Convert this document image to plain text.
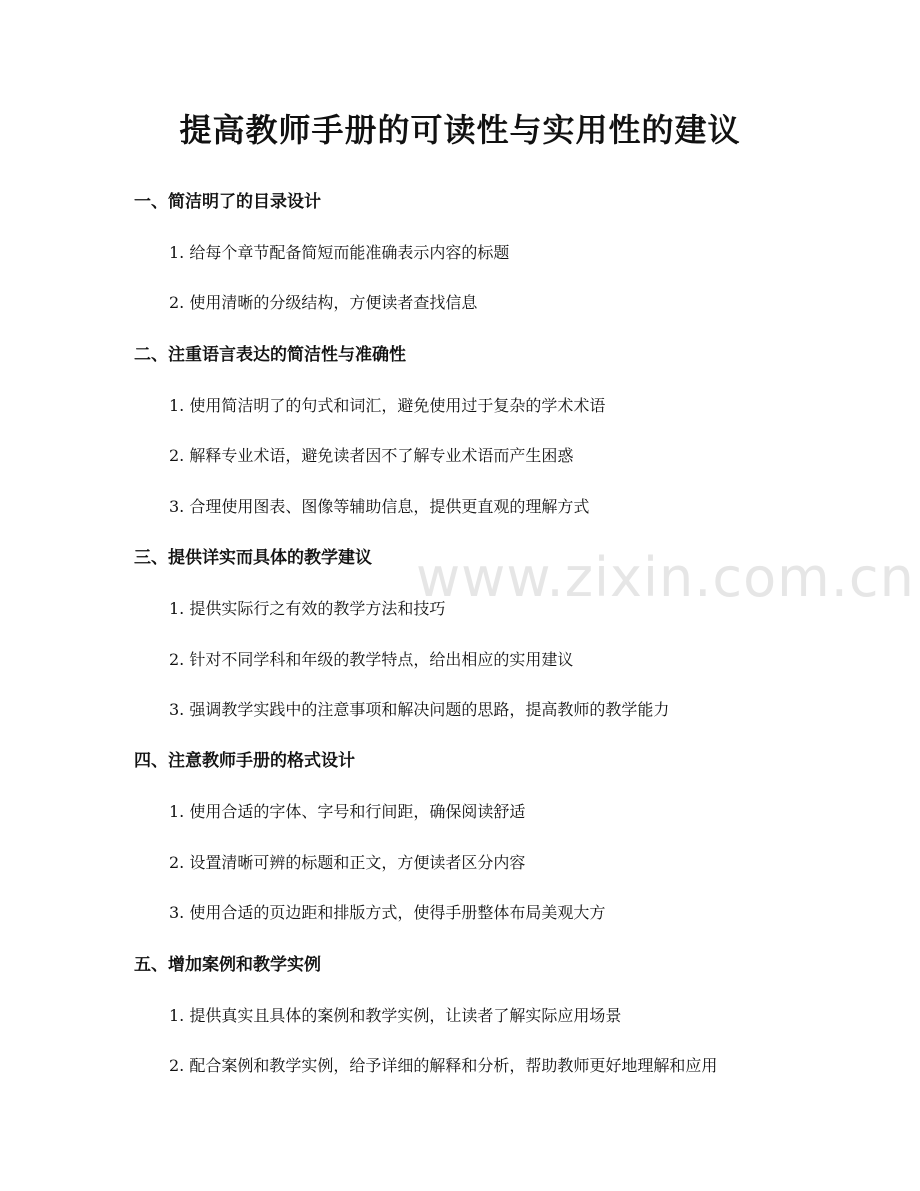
提高教师手册的可读性与实用性的建议
一、简洁明了的目录设计
1. 给每个章节配备简短而能准确表示内容的标题
2. 使用清晰的分级结构，方便读者查找信息
二、注重语言表达的简洁性与准确性
1. 使用简洁明了的句式和词汇，避免使用过于复杂的学术术语
2. 解释专业术语，避免读者因不了解专业术语而产生困惑
3. 合理使用图表、图像等辅助信息，提供更直观的理解方式
三、提供详实而具体的教学建议
1. 提供实际行之有效的教学方法和技巧
2. 针对不同学科和年级的教学特点，给出相应的实用建议
3. 强调教学实践中的注意事项和解决问题的思路，提高教师的教学能力
四、注意教师手册的格式设计
1. 使用合适的字体、字号和行间距，确保阅读舒适
2. 设置清晰可辨的标题和正文，方便读者区分内容
3. 使用合适的页边距和排版方式，使得手册整体布局美观大方
五、增加案例和教学实例
1. 提供真实且具体的案例和教学实例，让读者了解实际应用场景
2. 配合案例和教学实例，给予详细的解释和分析，帮助教师更好地理解和应用
www.zixin.com.cn
